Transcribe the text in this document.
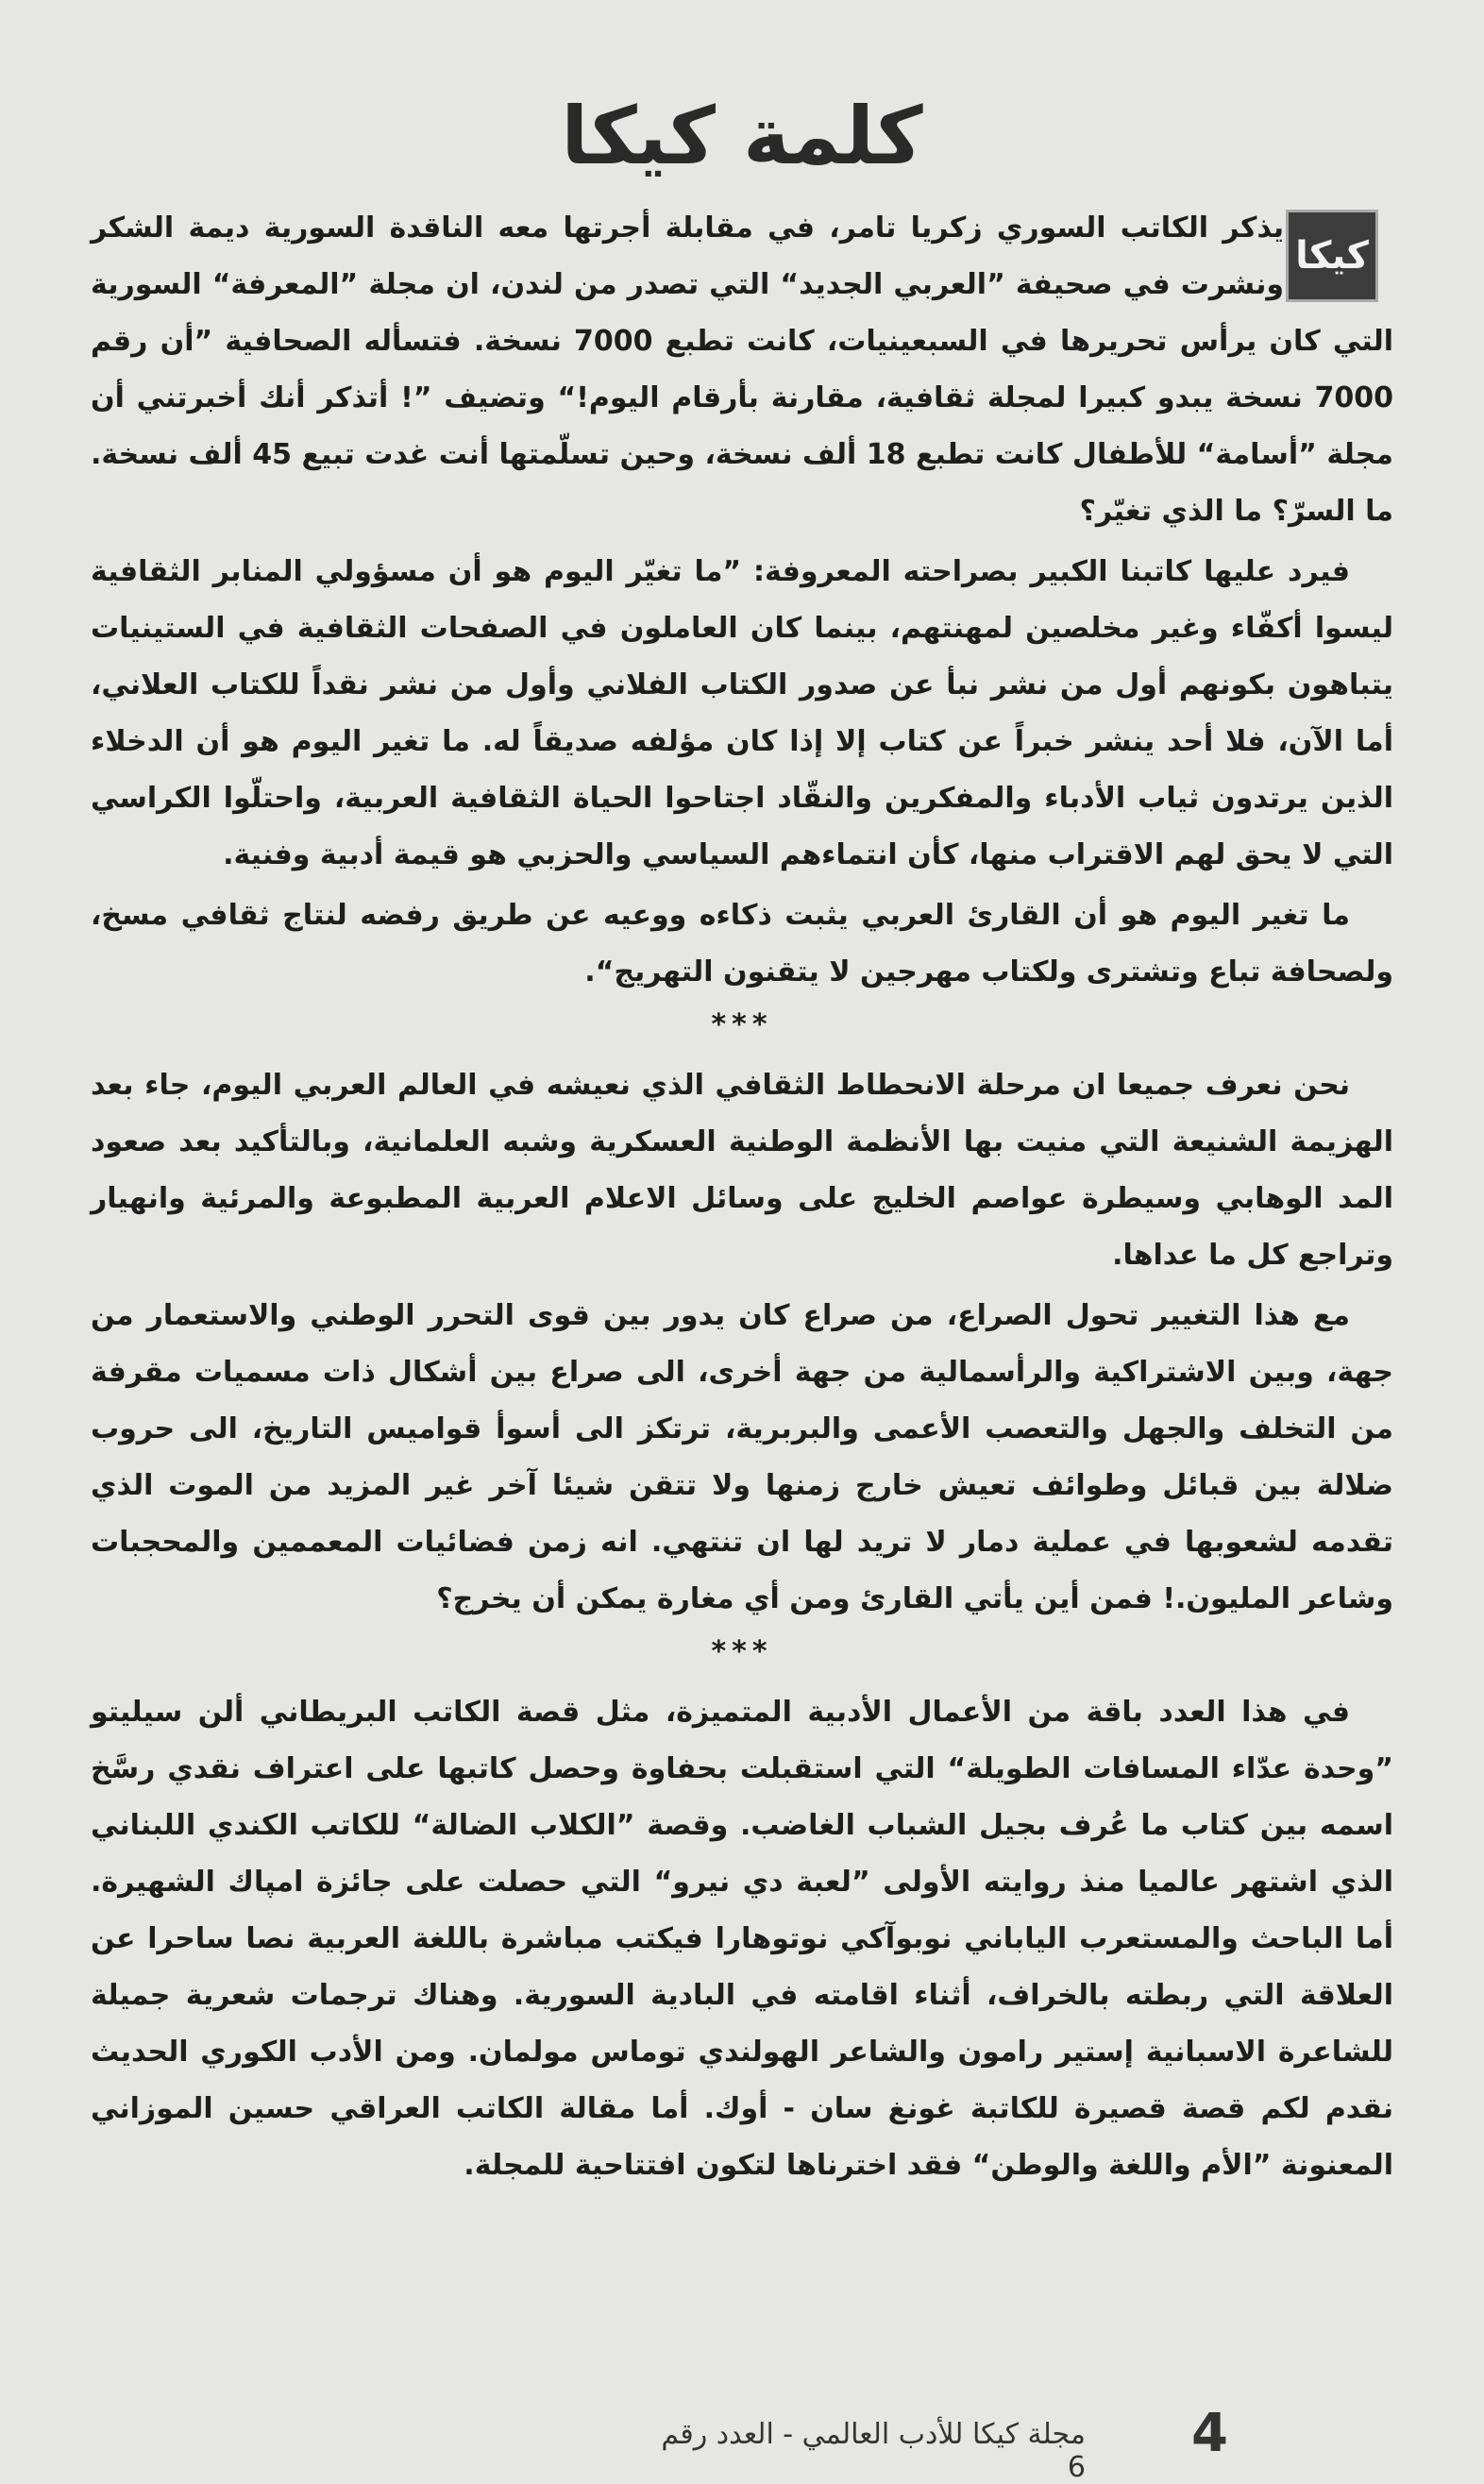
كلمة كيكا
كيكا

يذكر الكاتب السوري زكريا تامر، في مقابلة أجرتها معه الناقدة السورية ديمة الشكر ونشرت في صحيفة ”العربي الجديد“ التي تصدر من لندن، ان مجلة ”المعرفة“ السورية التي كان يرأس تحريرها في السبعينيات، كانت تطبع 7000 نسخة. فتسأله الصحافية ”أن رقم 7000 نسخة يبدو كبيرا لمجلة ثقافية، مقارنة بأرقام اليوم!“ وتضيف ”! أتذكر أنك أخبرتني أن مجلة ”أسامة“ للأطفال كانت تطبع 18 ألف نسخة، وحين تسلّمتها أنت غدت تبيع 45 ألف نسخة. ما السرّ؟ ما الذي تغيّر؟

فيرد عليها كاتبنا الكبير بصراحته المعروفة: ”ما تغيّر اليوم هو أن مسؤولي المنابر الثقافية ليسوا أكفّاء وغير مخلصين لمهنتهم، بينما كان العاملون في الصفحات الثقافية في الستينيات يتباهون بكونهم أول من نشر نبأ عن صدور الكتاب الفلاني وأول من نشر نقداً للكتاب العلاني، أما الآن، فلا أحد ينشر خبراً عن كتاب إلا إذا كان مؤلفه صديقاً له. ما تغير اليوم هو أن الدخلاء الذين يرتدون ثياب الأدباء والمفكرين والنقّاد اجتاحوا الحياة الثقافية العربية، واحتلّوا الكراسي التي لا يحق لهم الاقتراب منها، كأن انتماءهم السياسي والحزبي هو قيمة أدبية وفنية.

ما تغير اليوم هو أن القارئ العربي يثبت ذكاءه ووعيه عن طريق رفضه لنتاج ثقافي مسخ، ولصحافة تباع وتشترى ولكتاب مهرجين لا يتقنون التهريج“.

***

نحن نعرف جميعا ان مرحلة الانحطاط الثقافي الذي نعيشه في العالم العربي اليوم، جاء بعد الهزيمة الشنيعة التي منيت بها الأنظمة الوطنية العسكرية وشبه العلمانية، وبالتأكيد بعد صعود المد الوهابي وسيطرة عواصم الخليج على وسائل الاعلام العربية المطبوعة والمرئية وانهيار وتراجع كل ما عداها.

مع هذا التغيير تحول الصراع، من صراع كان يدور بين قوى التحرر الوطني والاستعمار من جهة، وبين الاشتراكية والرأسمالية من جهة أخرى، الى صراع بين أشكال ذات مسميات مقرفة من التخلف والجهل والتعصب الأعمى والبربرية، ترتكز الى أسوأ قواميس التاريخ، الى حروب ضلالة بين قبائل وطوائف تعيش خارج زمنها ولا تتقن شيئا آخر غير المزيد من الموت الذي تقدمه لشعوبها في عملية دمار لا تريد لها ان تنتهي. انه زمن فضائيات المعممين والمحجبات وشاعر المليون.! فمن أين يأتي القارئ ومن أي مغارة يمكن أن يخرج؟

***

في هذا العدد باقة من الأعمال الأدبية المتميزة، مثل قصة الكاتب البريطاني ألن سيليتو ”وحدة عدّاء المسافات الطويلة“ التي استقبلت بحفاوة وحصل كاتبها على اعتراف نقدي رسَّخ اسمه بين كتاب ما عُرف بجيل الشباب الغاضب. وقصة ”الكلاب الضالة“ للكاتب الكندي اللبناني الذي اشتهر عالميا منذ روايته الأولى ”لعبة دي نيرو“ التي حصلت على جائزة امپاك الشهيرة. أما الباحث والمستعرب الياباني نوبوآكي نوتوهارا فيكتب مباشرة باللغة العربية نصا ساحرا عن العلاقة التي ربطته بالخراف، أثناء اقامته في البادية السورية. وهناك ترجمات شعرية جميلة للشاعرة الاسبانية إستير رامون والشاعر الهولندي توماس مولمان. ومن الأدب الكوري الحديث نقدم لكم قصة قصيرة للكاتبة غونغ سان - أوك. أما مقالة الكاتب العراقي حسين الموزاني المعنونة ”الأم واللغة والوطن“ فقد اخترناها لتكون افتتاحية للمجلة.

4
مجلة كيكا للأدب العالمي - العدد رقم 6
